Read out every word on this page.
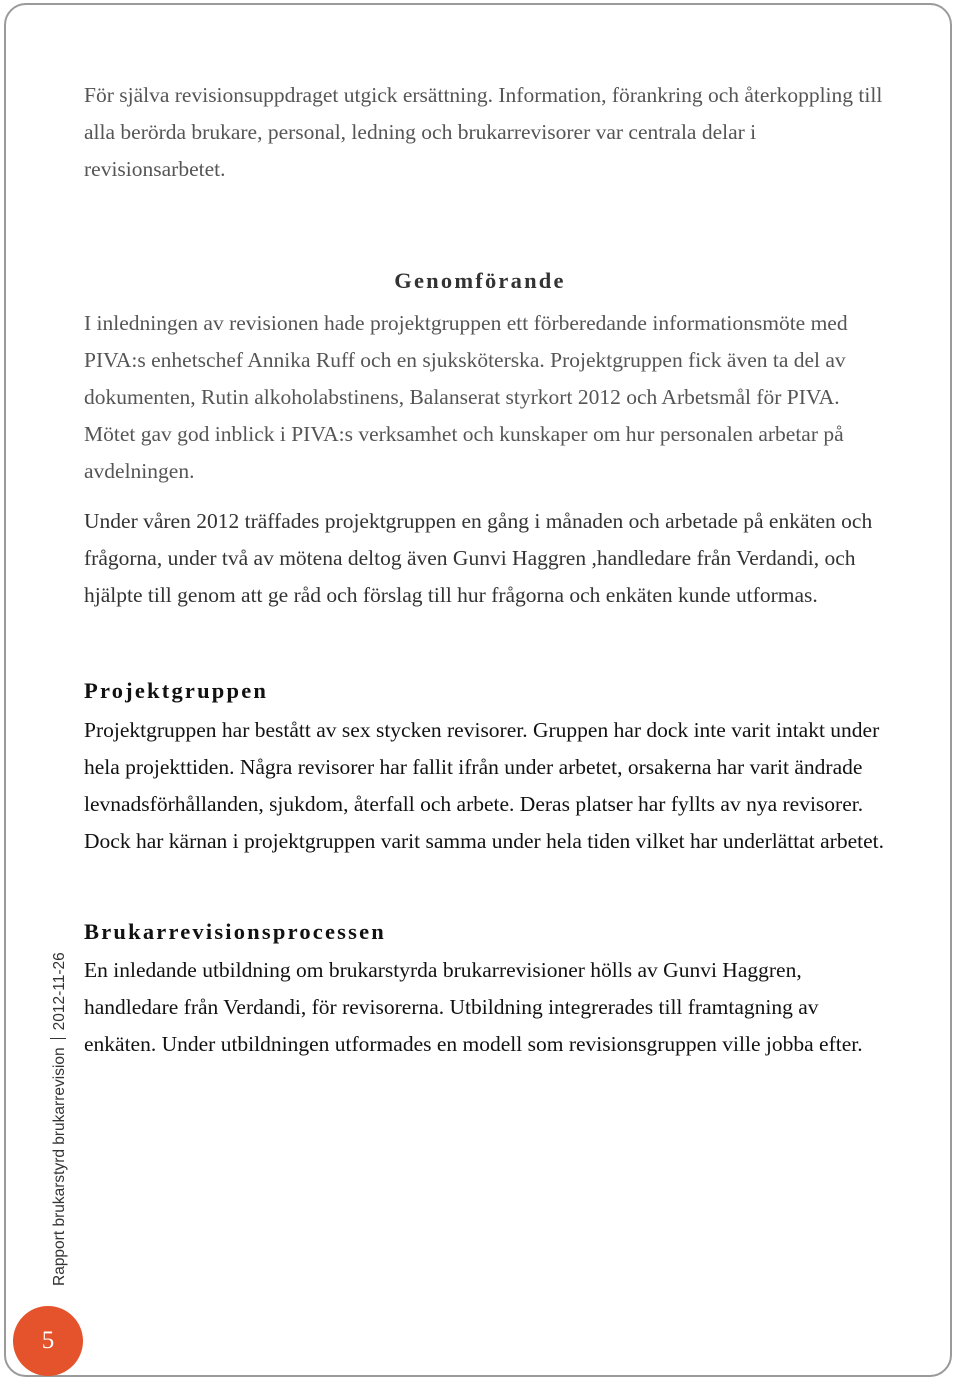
För själva revisionsuppdraget utgick ersättning. Information, förankring och återkoppling till alla berörda brukare, personal, ledning och brukarrevisorer var centrala delar i revisionsarbetet.

Genomförande

I inledningen av revisionen hade projektgruppen ett förberedande informationsmöte med PIVA:s enhetschef Annika Ruff och en sjuksköterska. Projektgruppen fick även ta del av dokumenten, Rutin alkoholabstinens, Balanserat styrkort 2012 och Arbetsmål för PIVA. Mötet gav god inblick i PIVA:s verksamhet och kunskaper om hur personalen arbetar på avdelningen.

Under våren 2012 träffades projektgruppen en gång i månaden och arbetade på enkäten och frågorna, under två av mötena deltog även Gunvi Haggren ,handledare från Verdandi, och hjälpte till genom att ge råd och förslag till hur frågorna och enkäten kunde utformas.

Projektgruppen

Projektgruppen har bestått av sex stycken revisorer. Gruppen har dock inte varit intakt under hela projekttiden. Några revisorer har fallit ifrån under arbetet, orsakerna har varit ändrade levnadsförhållanden, sjukdom, återfall och arbete. Deras platser har fyllts av nya revisorer. Dock har kärnan i projektgruppen varit samma under hela tiden vilket har underlättat arbetet.

Brukarrevisionsprocessen

En inledande utbildning om brukarstyrda brukarrevisioner hölls av Gunvi Haggren, handledare från Verdandi, för revisorerna. Utbildning integrerades till framtagning av enkäten. Under utbildningen utformades en modell som revisionsgruppen ville jobba efter.

Rapport brukarstyrd brukarrevision2012-11-26
5
